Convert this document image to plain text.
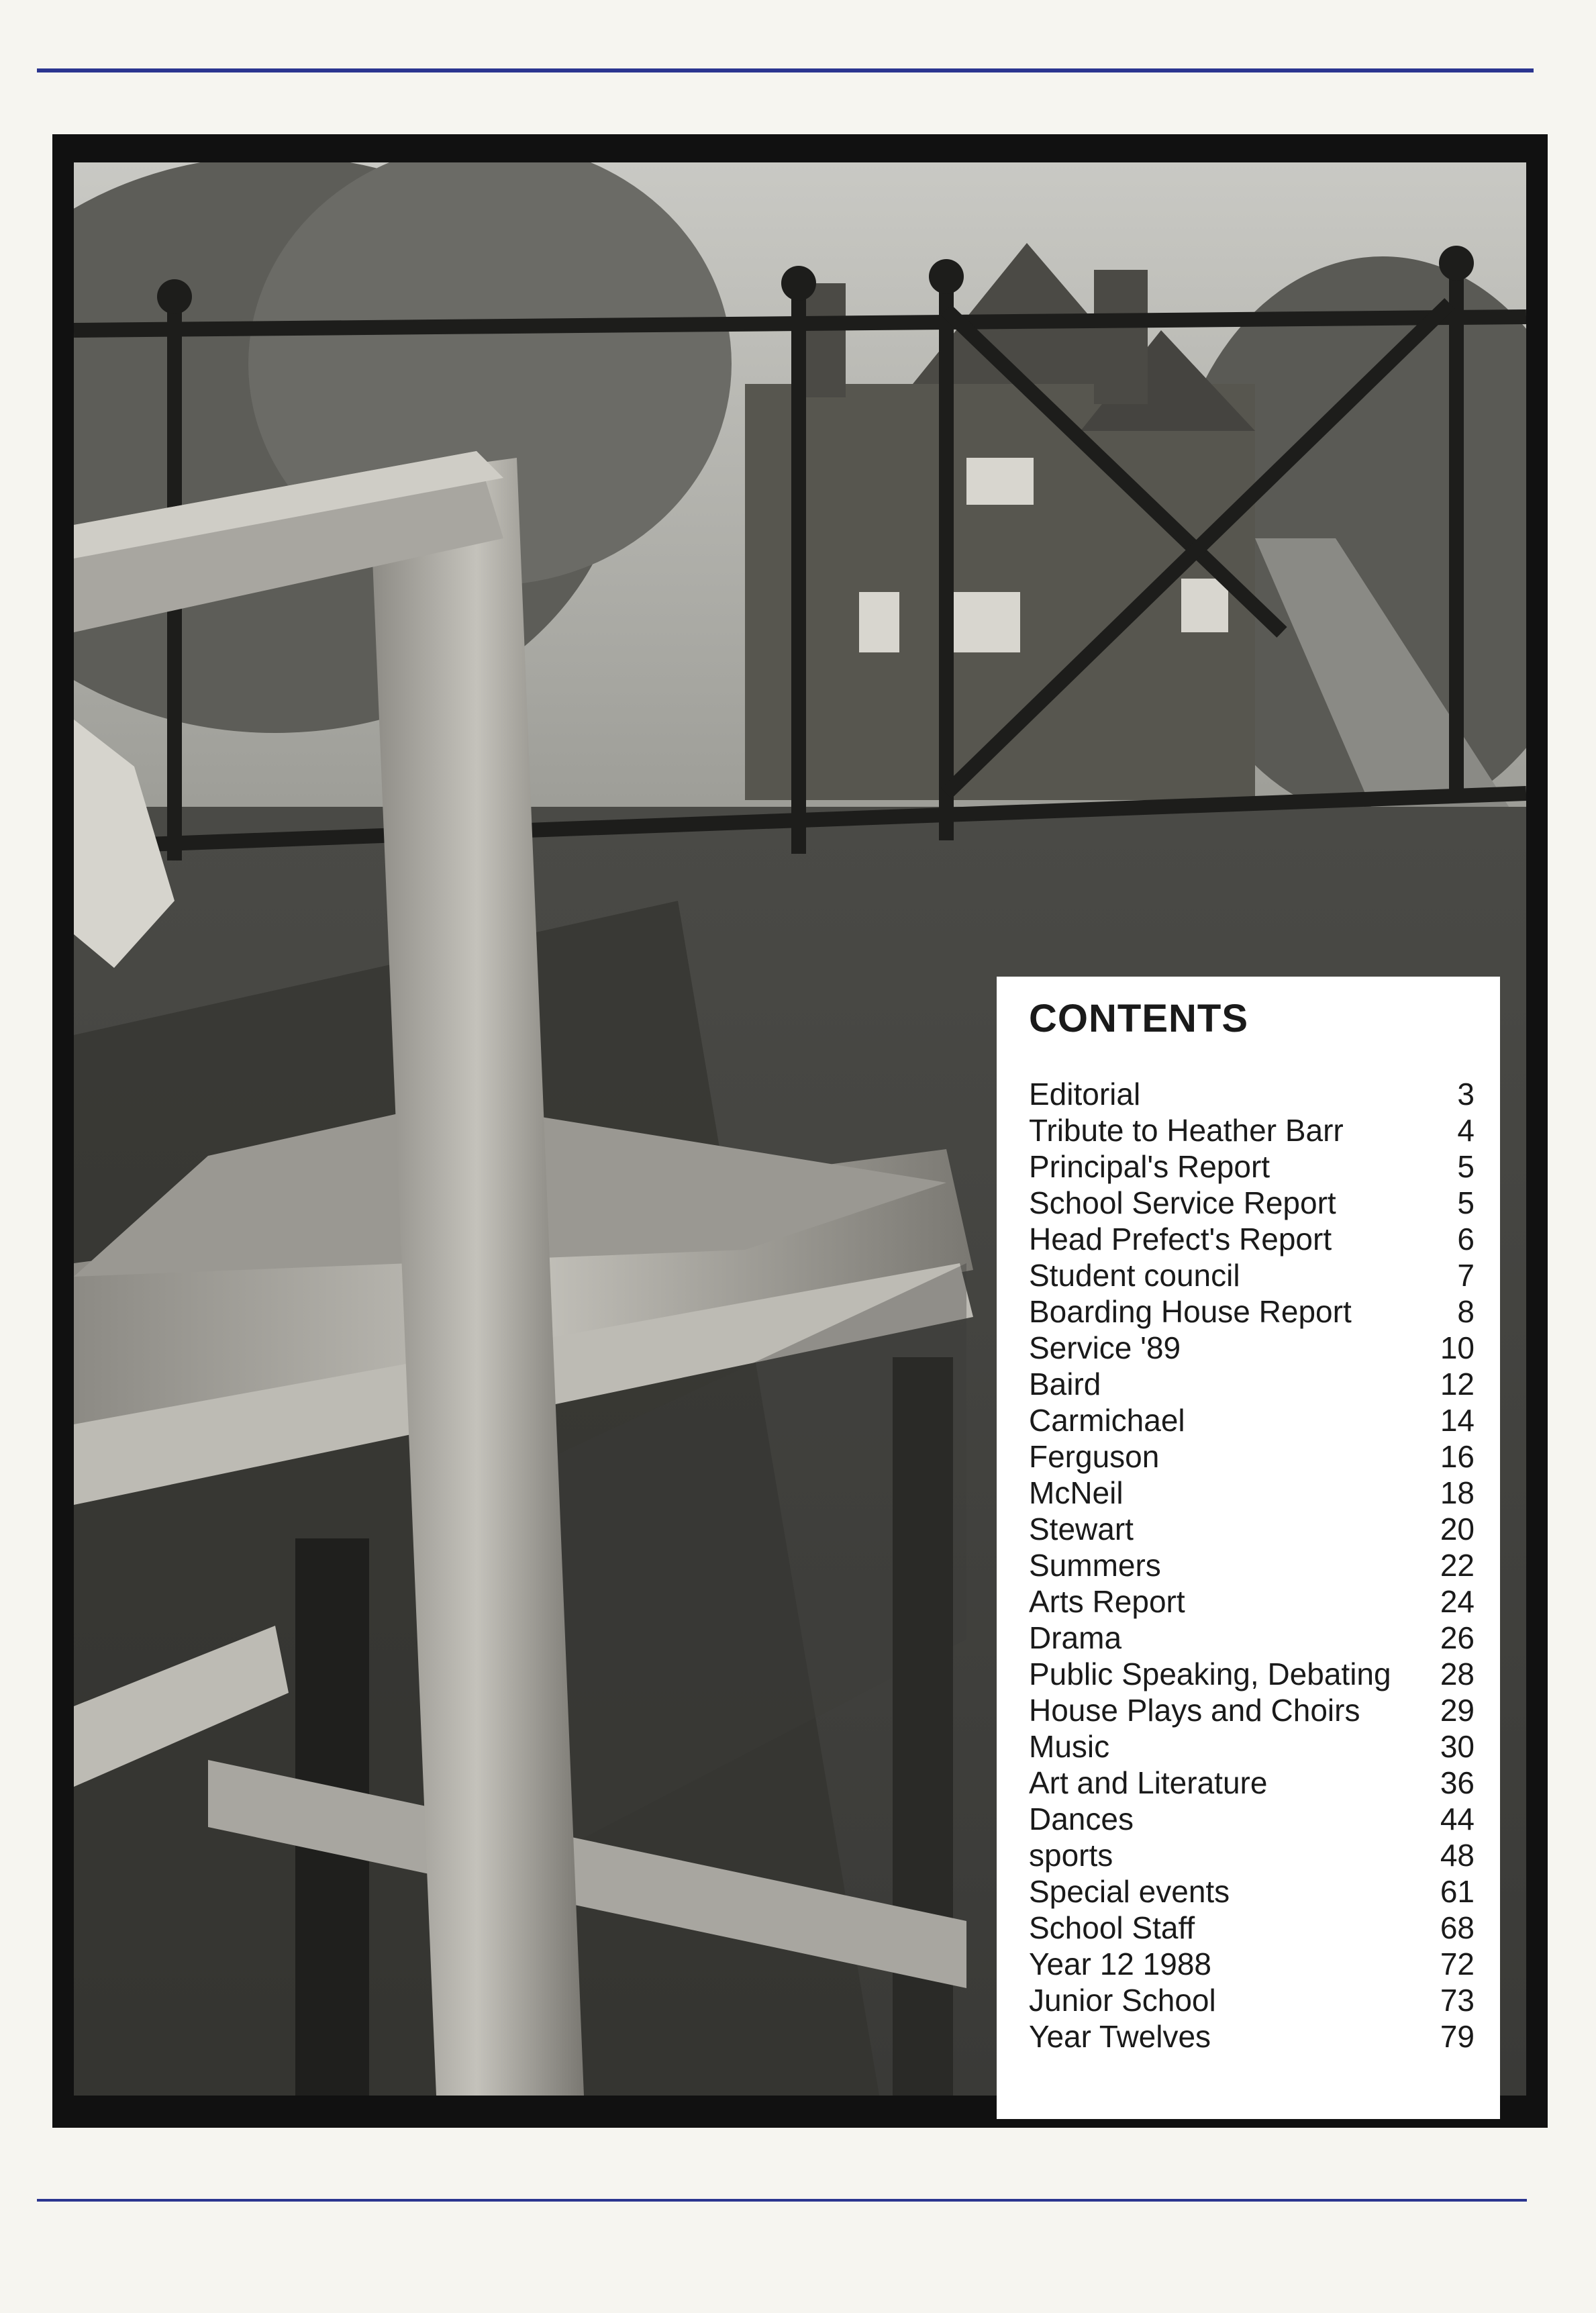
CONTENTS
Editorial	3
Tribute to Heather Barr	4
Principal's Report	5
School Service Report	5
Head Prefect's Report	6
Student council	7
Boarding House Report	8
Service '89	10
Baird	12
Carmichael	14
Ferguson	16
McNeil	18
Stewart	20
Summers	22
Arts Report	24
Drama	26
Public Speaking, Debating	28
House Plays and Choirs	29
Music	30
Art and Literature	36
Dances	44
sports	48
Special events	61
School Staff	68
Year 12 1988	72
Junior School	73
Year Twelves	79
